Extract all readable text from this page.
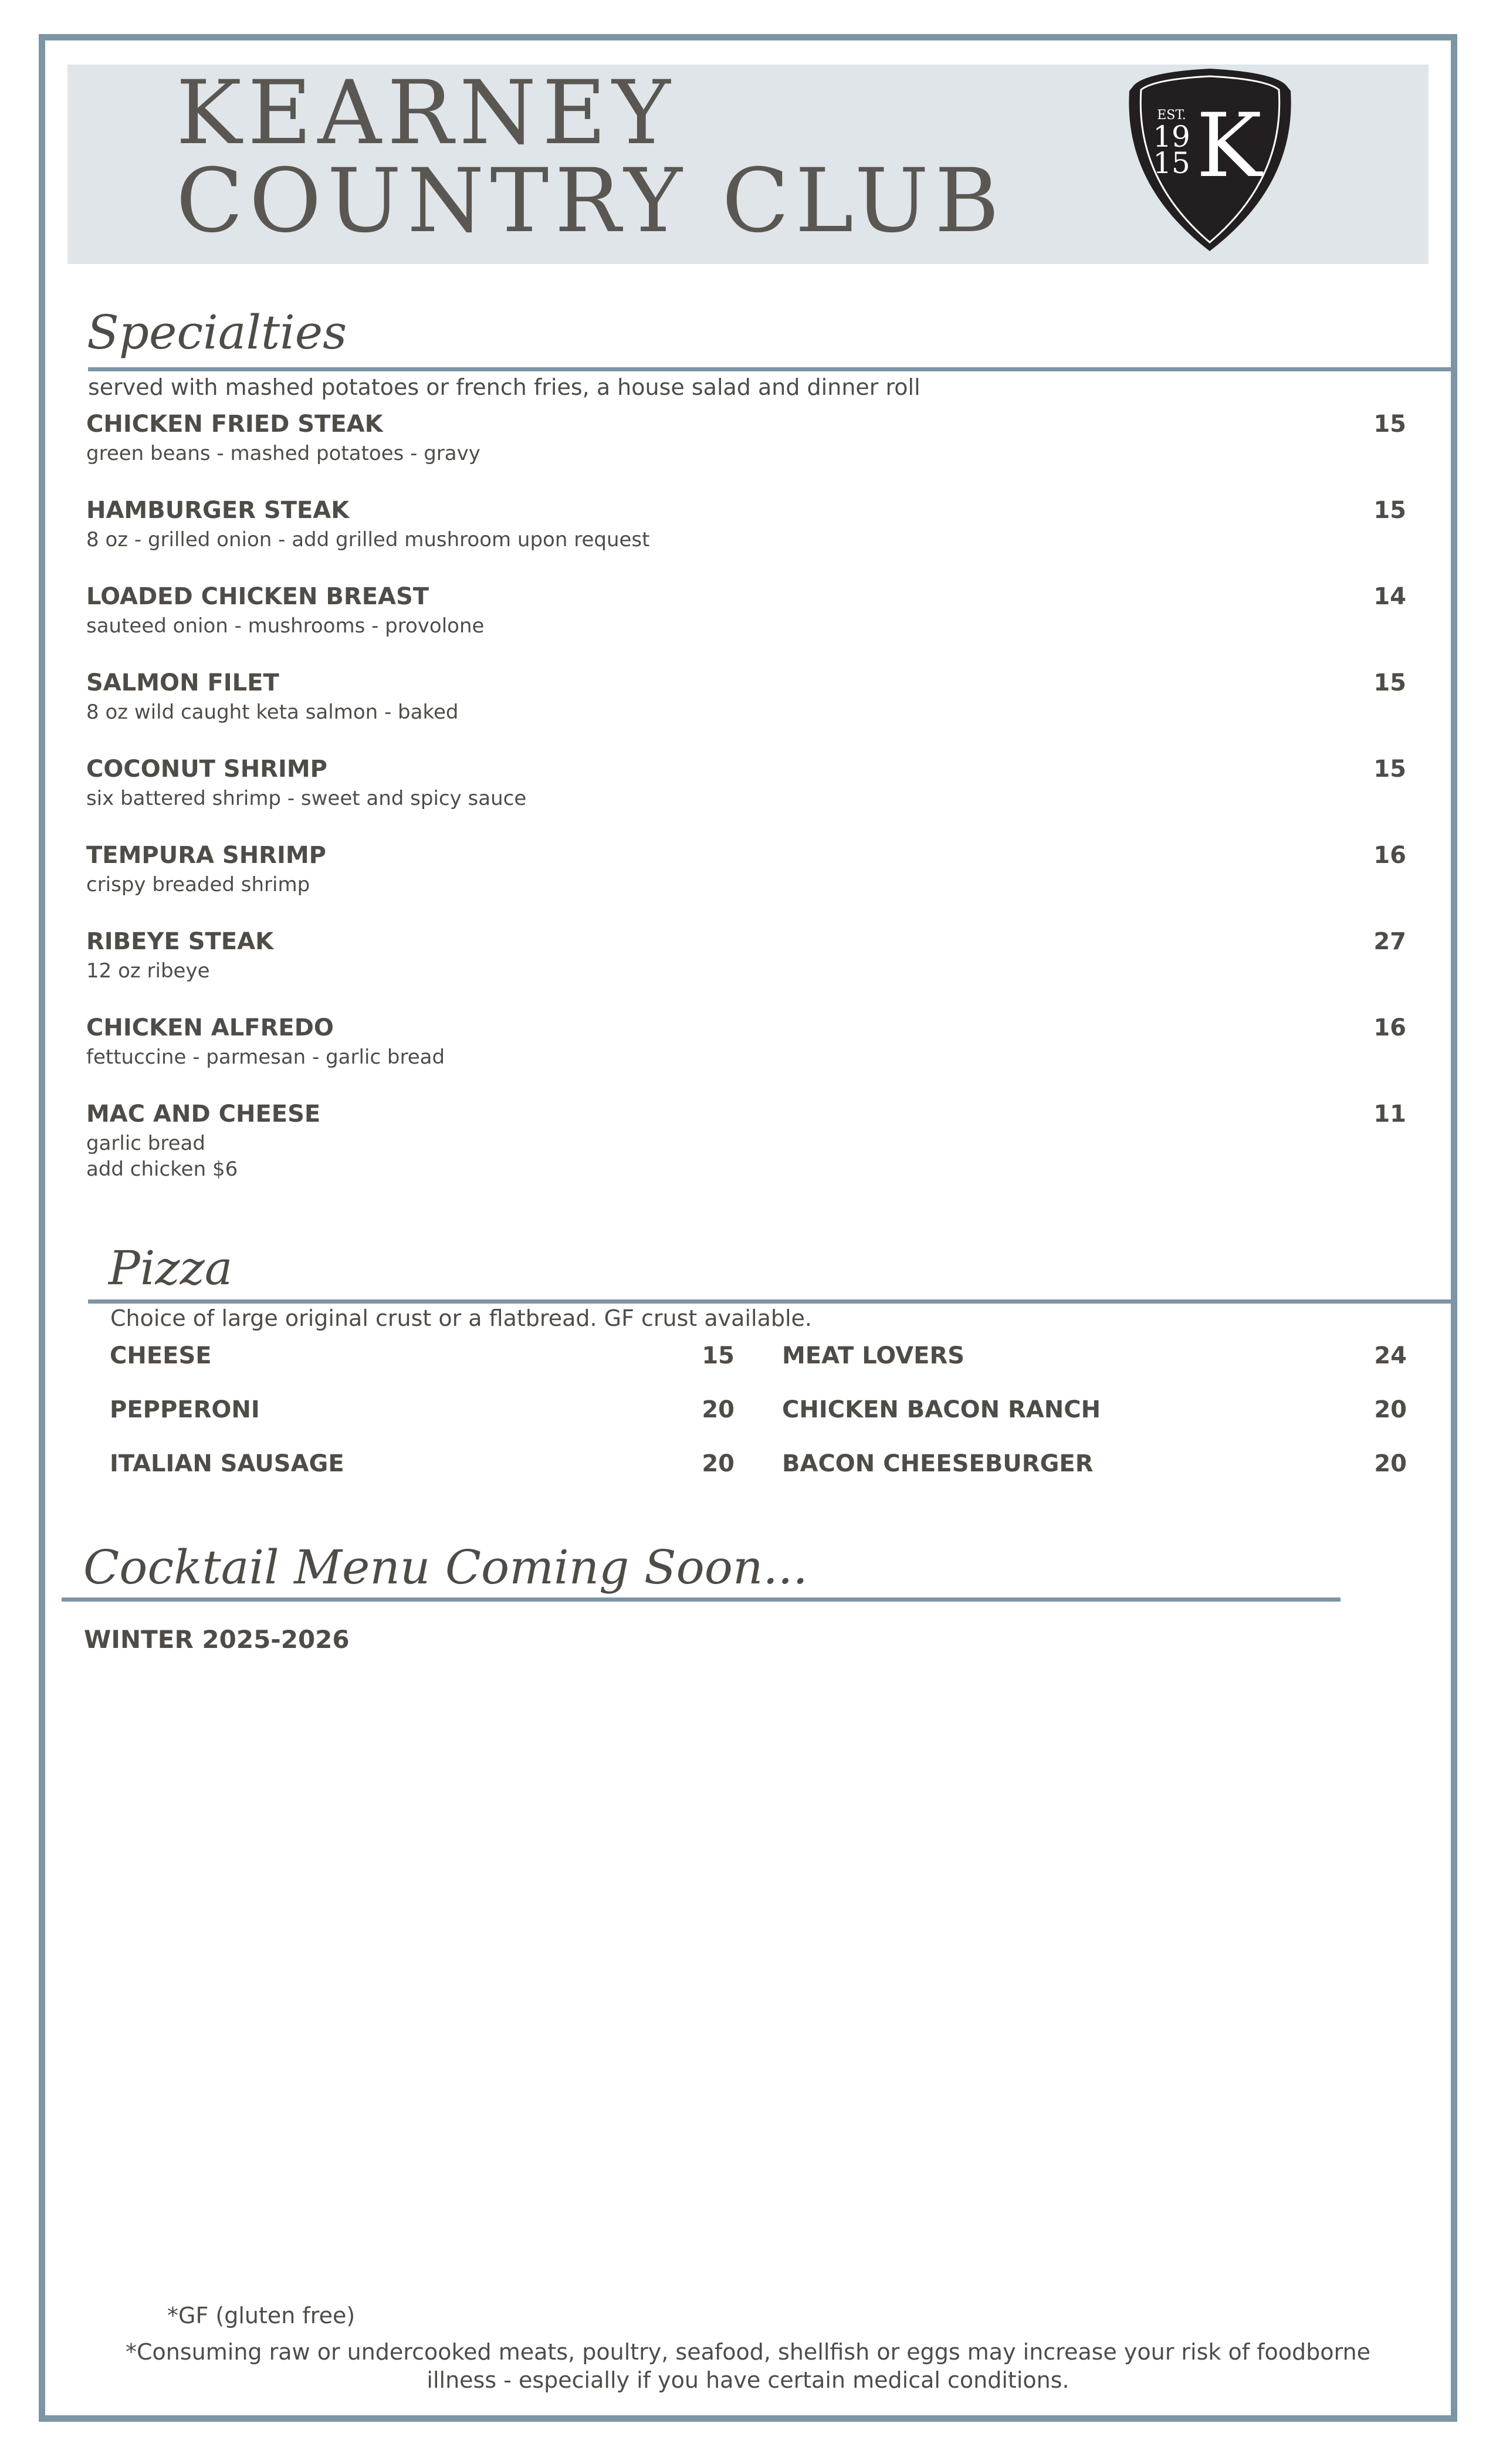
KEARNEY
COUNTRY CLUB
EST.
19
15 K
Specialties
served with mashed potatoes or french fries, a house salad and dinner roll
CHICKEN FRIED STEAK
green beans - mashed potatoes - gravy
15
HAMBURGER STEAK
8 oz - grilled onion - add grilled mushroom upon request
15
LOADED CHICKEN BREAST
sauteed onion - mushrooms - provolone
14
SALMON FILET
8 oz wild caught keta salmon - baked
15
COCONUT SHRIMP
six battered shrimp - sweet and spicy sauce
15
TEMPURA SHRIMP
crispy breaded shrimp
16
RIBEYE STEAK
12 oz ribeye
27
CHICKEN ALFREDO
fettuccine - parmesan - garlic bread
16
MAC AND CHEESE
garlic bread
add chicken $6
11
Pizza
Choice of large original crust or a flatbread. GF crust available.
CHEESE	15
PEPPERONI	20
ITALIAN SAUSAGE	20
MEAT LOVERS	24
CHICKEN BACON RANCH	20
BACON CHEESEBURGER	20
Cocktail Menu Coming Soon...
WINTER 2025-2026
*GF (gluten free)
*Consuming raw or undercooked meats, poultry, seafood, shellfish or eggs may increase your risk of foodborne
illness - especially if you have certain medical conditions.
